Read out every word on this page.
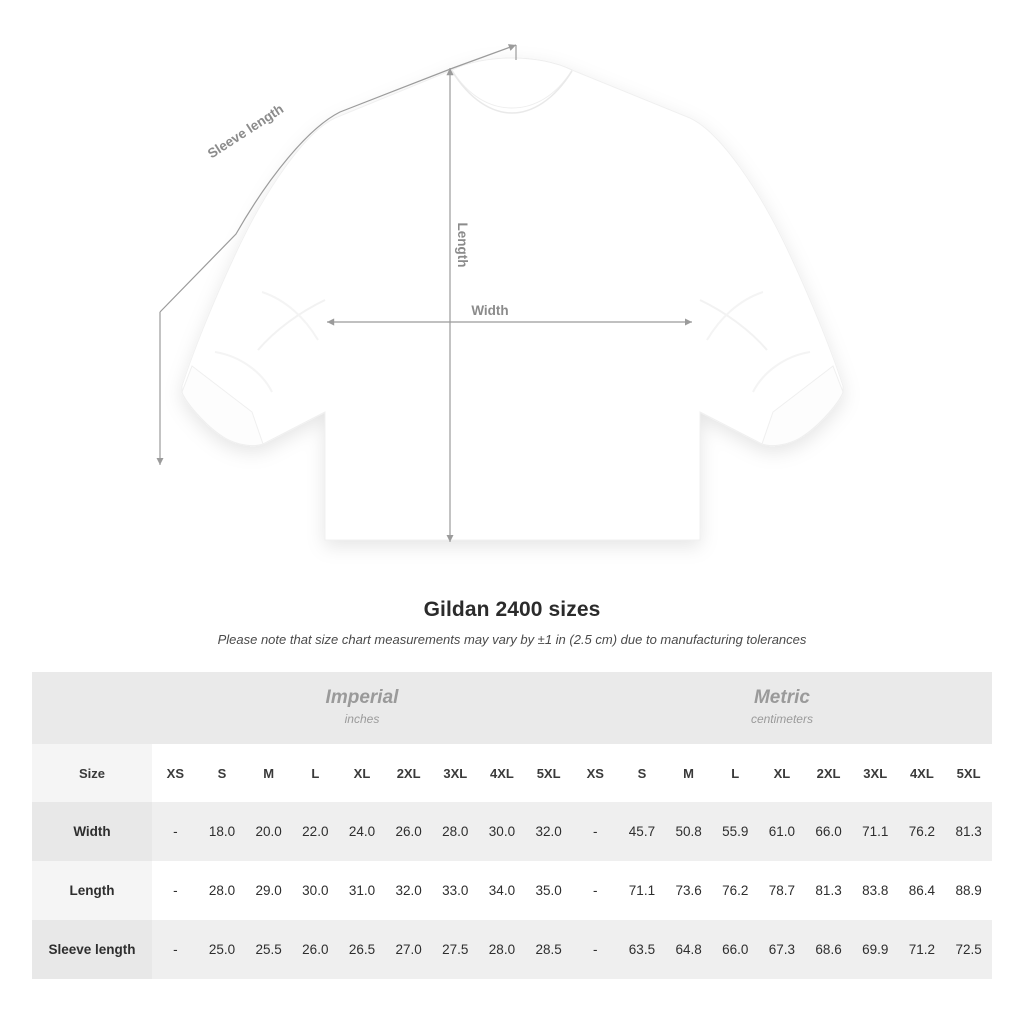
Sleeve length
Length
Width
Gildan 2400 sizes
Please note that size chart measurements may vary by ±1 in (2.5 cm) due to manufacturing tolerances

	Imperial
inches									Metric
centimeters								

Size	XS	S	M	L	XL	2XL	3XL	4XL	5XL	XS	S	M	L	XL	2XL	3XL	4XL	5XL
Width	-	18.0	20.0	22.0	24.0	26.0	28.0	30.0	32.0	-	45.7	50.8	55.9	61.0	66.0	71.1	76.2	81.3
Length	-	28.0	29.0	30.0	31.0	32.0	33.0	34.0	35.0	-	71.1	73.6	76.2	78.7	81.3	83.8	86.4	88.9
Sleeve length	-	25.0	25.5	26.0	26.5	27.0	27.5	28.0	28.5	-	63.5	64.8	66.0	67.3	68.6	69.9	71.2	72.5
